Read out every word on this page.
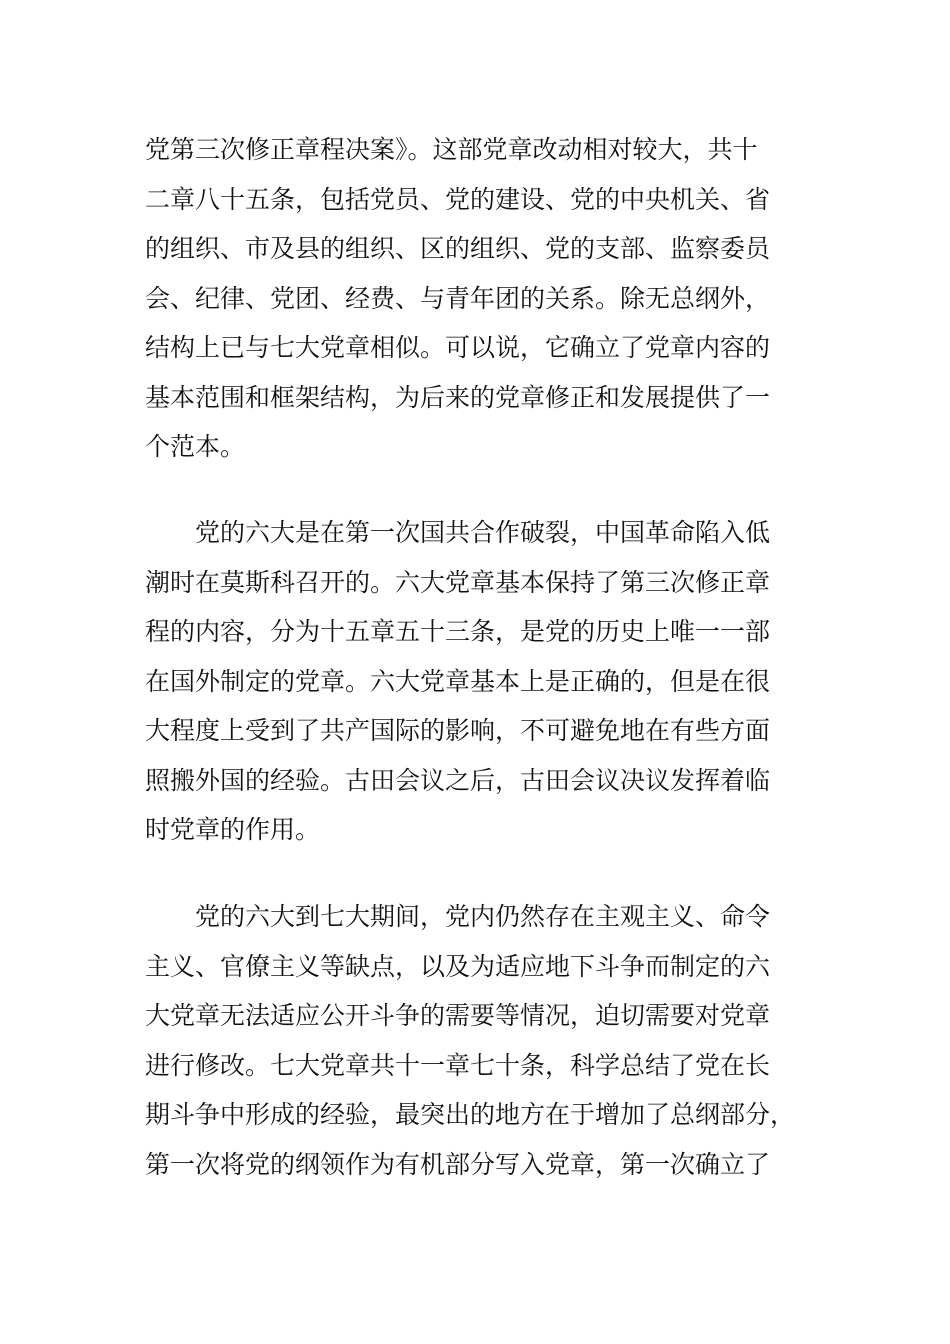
党第三次修正章程决案》。这部党章改动相对较大，共十

二章八十五条，包括党员、党的建设、党的中央机关、省

的组织、市及县的组织、区的组织、党的支部、监察委员

会、纪律、党团、经费、与青年团的关系。除无总纲外，

结构上已与七大党章相似。可以说，它确立了党章内容的

基本范围和框架结构，为后来的党章修正和发展提供了一

个范本。

党的六大是在第一次国共合作破裂，中国革命陷入低

潮时在莫斯科召开的。六大党章基本保持了第三次修正章

程的内容，分为十五章五十三条，是党的历史上唯一一部

在国外制定的党章。六大党章基本上是正确的，但是在很

大程度上受到了共产国际的影响，不可避免地在有些方面

照搬外国的经验。古田会议之后，古田会议决议发挥着临

时党章的作用。

党的六大到七大期间，党内仍然存在主观主义、命令

主义、官僚主义等缺点，以及为适应地下斗争而制定的六

大党章无法适应公开斗争的需要等情况，迫切需要对党章

进行修改。七大党章共十一章七十条，科学总结了党在长

期斗争中形成的经验，最突出的地方在于增加了总纲部分，

第一次将党的纲领作为有机部分写入党章，第一次确立了
